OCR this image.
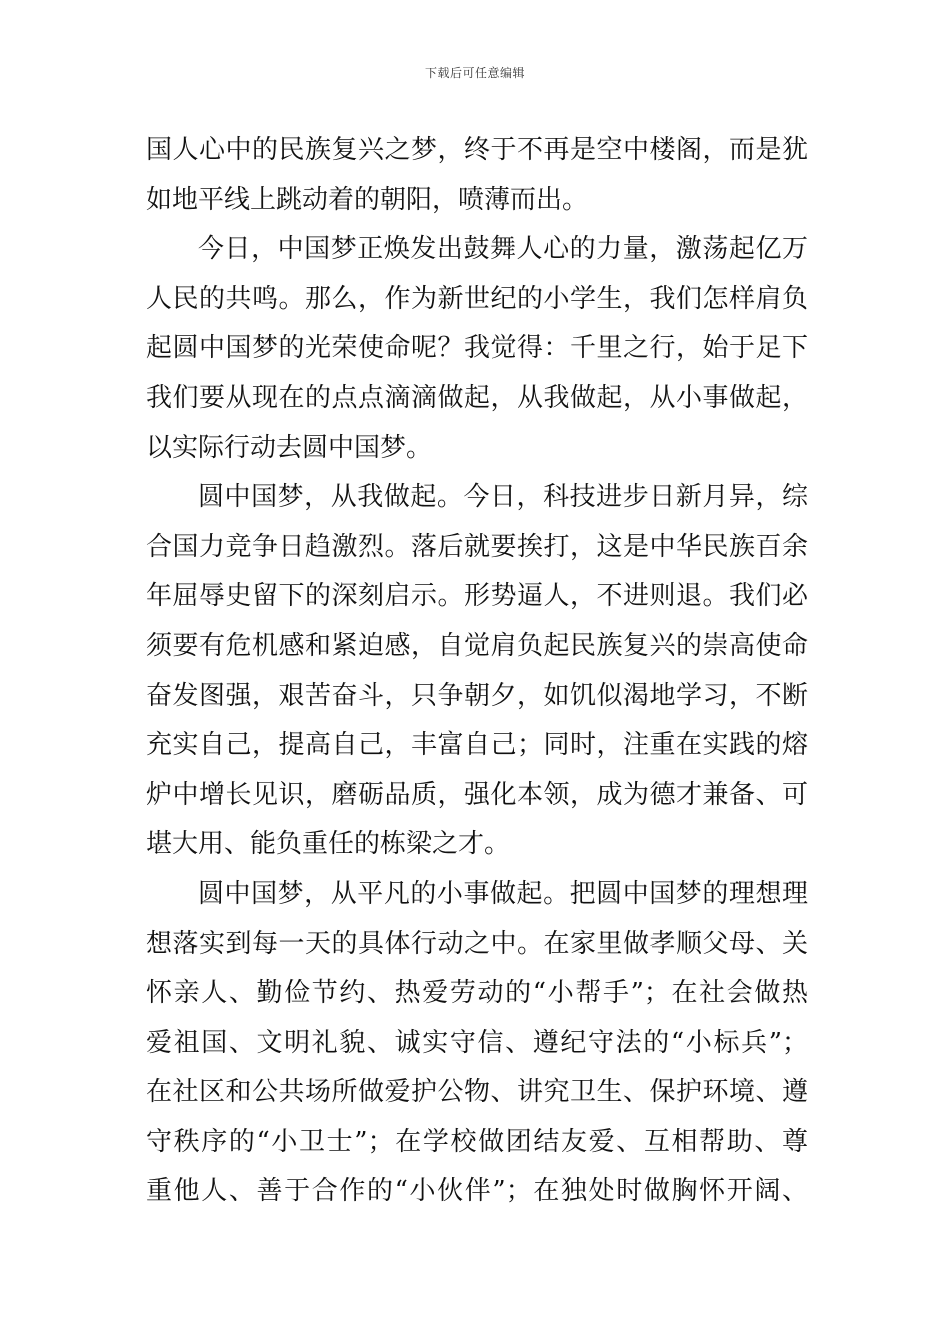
下载后可任意编辑
国人心中的民族复兴之梦，终于不再是空中楼阁，而是犹
如地平线上跳动着的朝阳，喷薄而出。
今日，中国梦正焕发出鼓舞人心的力量，激荡起亿万
人民的共鸣。那么，作为新世纪的小学生，我们怎样肩负
起圆中国梦的光荣使命呢？我觉得：千里之行，始于足下
我们要从现在的点点滴滴做起，从我做起，从小事做起，
以实际行动去圆中国梦。
圆中国梦，从我做起。今日，科技进步日新月异，综
合国力竞争日趋激烈。落后就要挨打，这是中华民族百余
年屈辱史留下的深刻启示。形势逼人，不进则退。我们必
须要有危机感和紧迫感，自觉肩负起民族复兴的崇高使命
奋发图强，艰苦奋斗，只争朝夕，如饥似渴地学习，不断
充实自己，提高自己，丰富自己；同时，注重在实践的熔
炉中增长见识，磨砺品质，强化本领，成为德才兼备、可
堪大用、能负重任的栋梁之才。
圆中国梦，从平凡的小事做起。把圆中国梦的理想理
想落实到每一天的具体行动之中。在家里做孝顺父母、关
怀亲人、勤俭节约、热爱劳动的“小帮手”；在社会做热
爱祖国、文明礼貌、诚实守信、遵纪守法的“小标兵”；
在社区和公共场所做爱护公物、讲究卫生、保护环境、遵
守秩序的“小卫士”；在学校做团结友爱、互相帮助、尊
重他人、善于合作的“小伙伴”；在独处时做胸怀开阔、
